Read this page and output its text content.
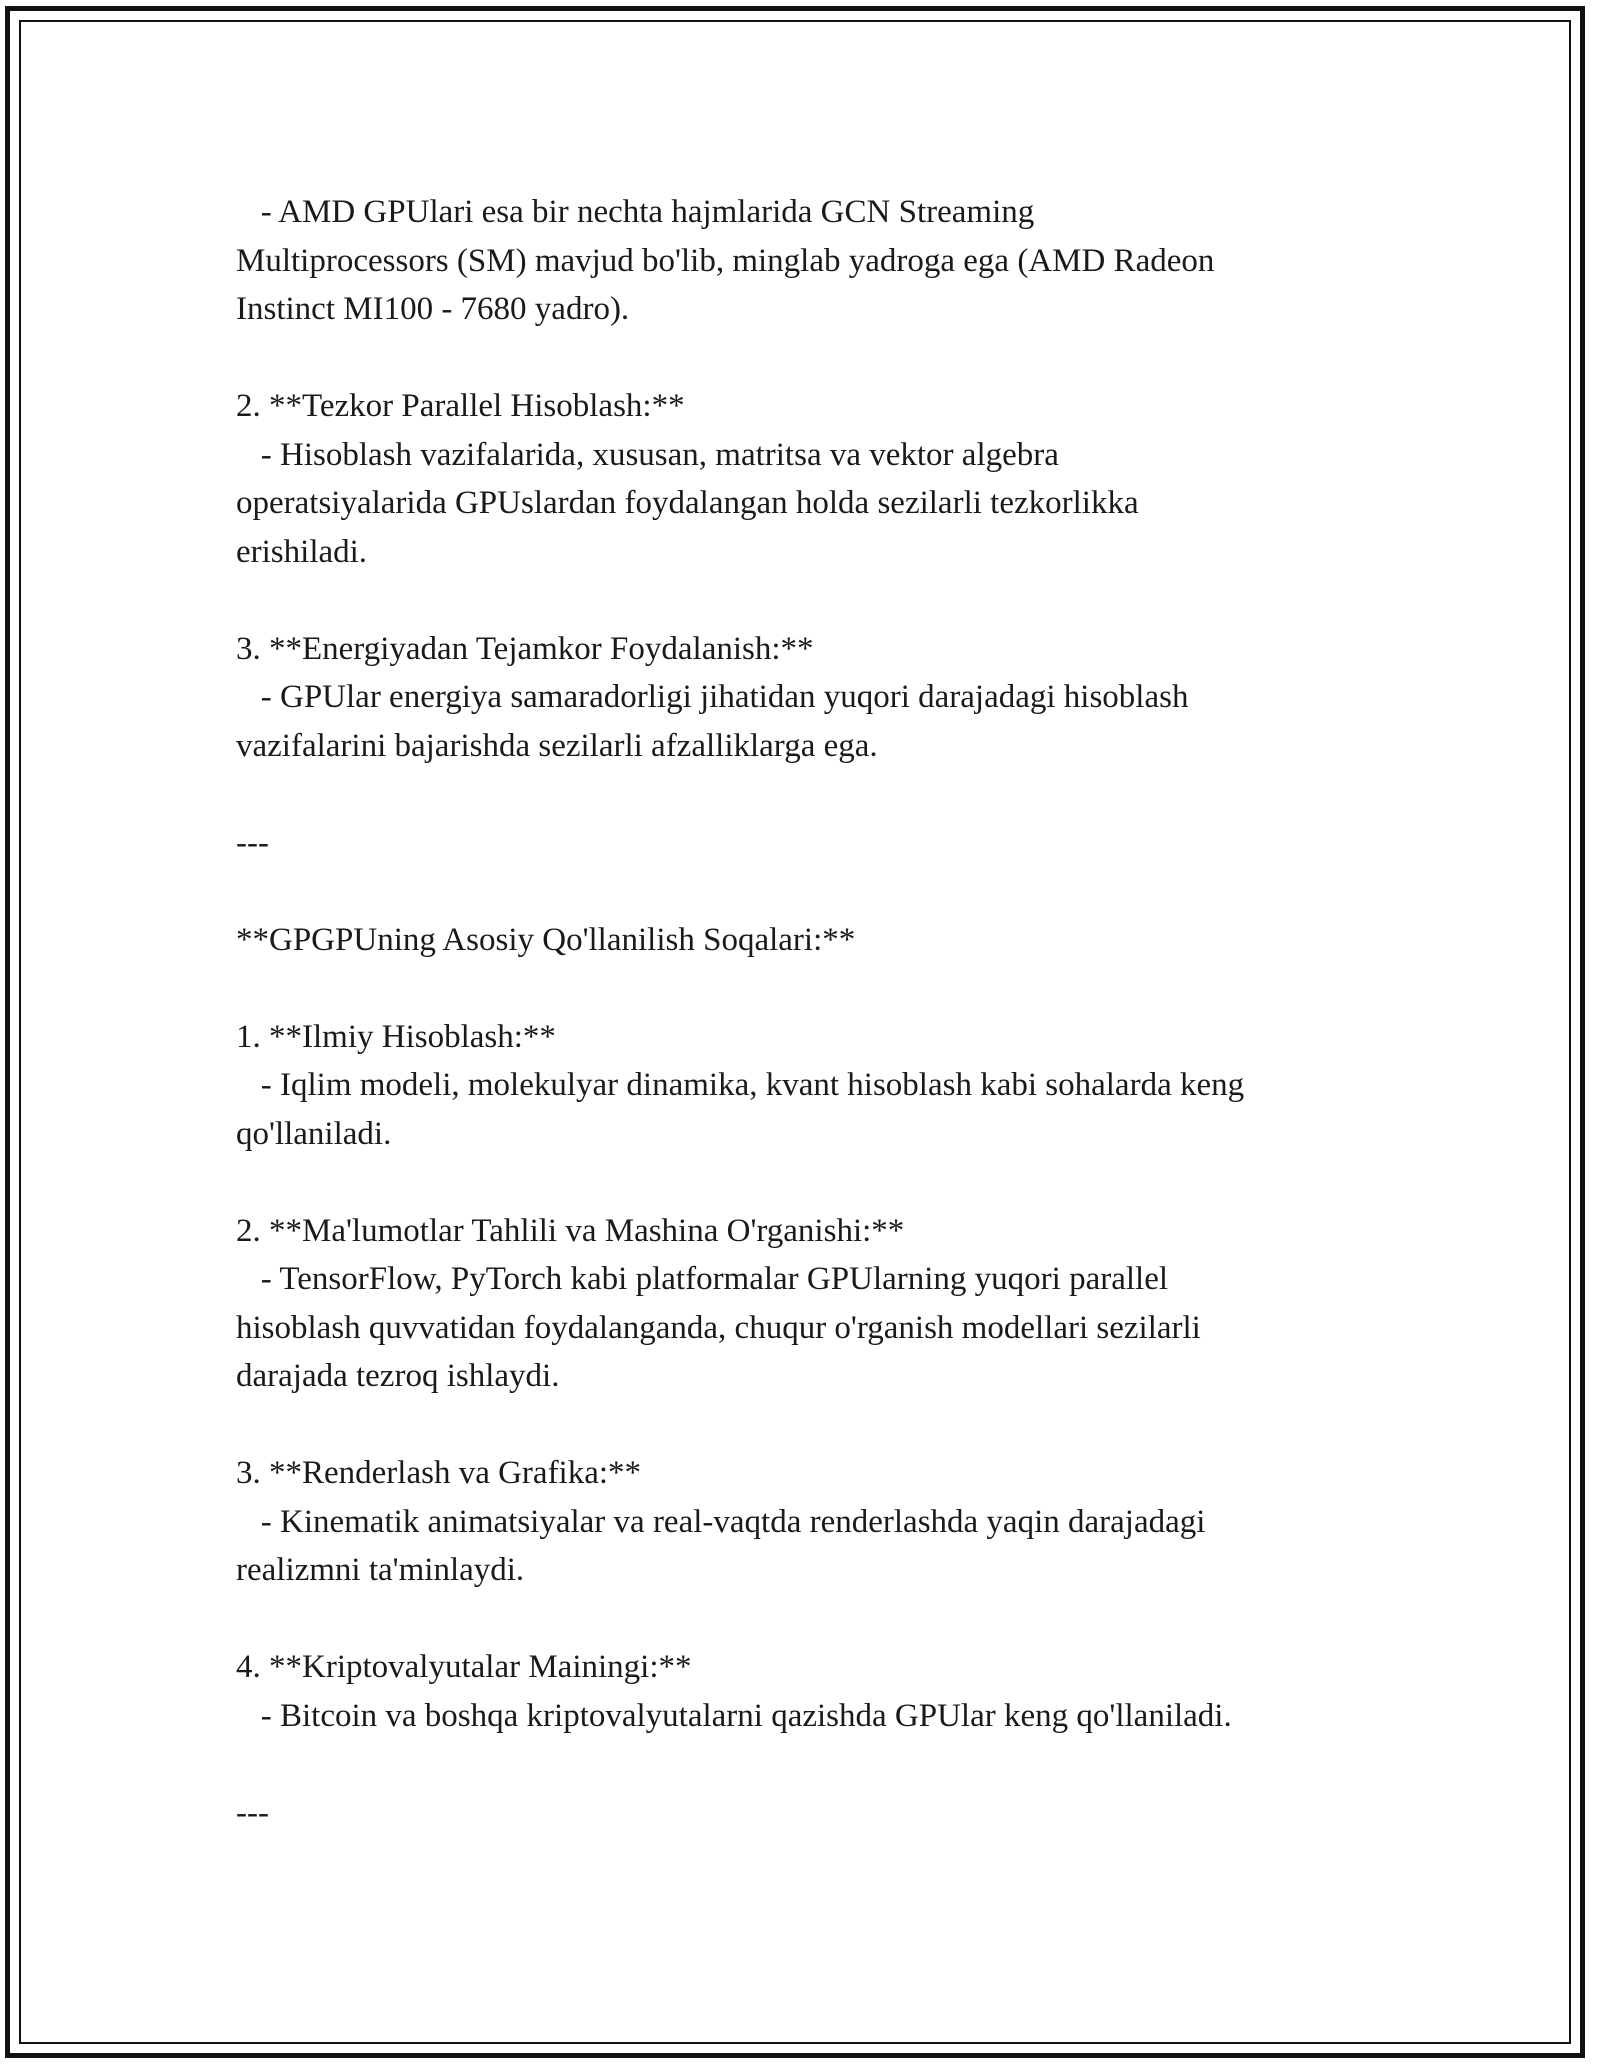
- AMD GPUlari esa bir nechta hajmlarida GCN Streaming
Multiprocessors (SM) mavjud bo'lib, minglab yadroga ega (AMD Radeon
Instinct MI100 - 7680 yadro).
2. **Tezkor Parallel Hisoblash:**
- Hisoblash vazifalarida, xususan, matritsa va vektor algebra
operatsiyalarida GPUslardan foydalangan holda sezilarli tezkorlikka
erishiladi.
3. **Energiyadan Tejamkor Foydalanish:**
- GPUlar energiya samaradorligi jihatidan yuqori darajadagi hisoblash
vazifalarini bajarishda sezilarli afzalliklarga ega.
---
**GPGPUning Asosiy Qo'llanilish Soqalari:**
1. **Ilmiy Hisoblash:**
- Iqlim modeli, molekulyar dinamika, kvant hisoblash kabi sohalarda keng
qo'llaniladi.
2. **Ma'lumotlar Tahlili va Mashina O'rganishi:**
- TensorFlow, PyTorch kabi platformalar GPUlarning yuqori parallel
hisoblash quvvatidan foydalanganda, chuqur o'rganish modellari sezilarli
darajada tezroq ishlaydi.
3. **Renderlash va Grafika:**
- Kinematik animatsiyalar va real-vaqtda renderlashda yaqin darajadagi
realizmni ta'minlaydi.
4. **Kriptovalyutalar Mainingi:**
- Bitcoin va boshqa kriptovalyutalarni qazishda GPUlar keng qo'llaniladi.
---
